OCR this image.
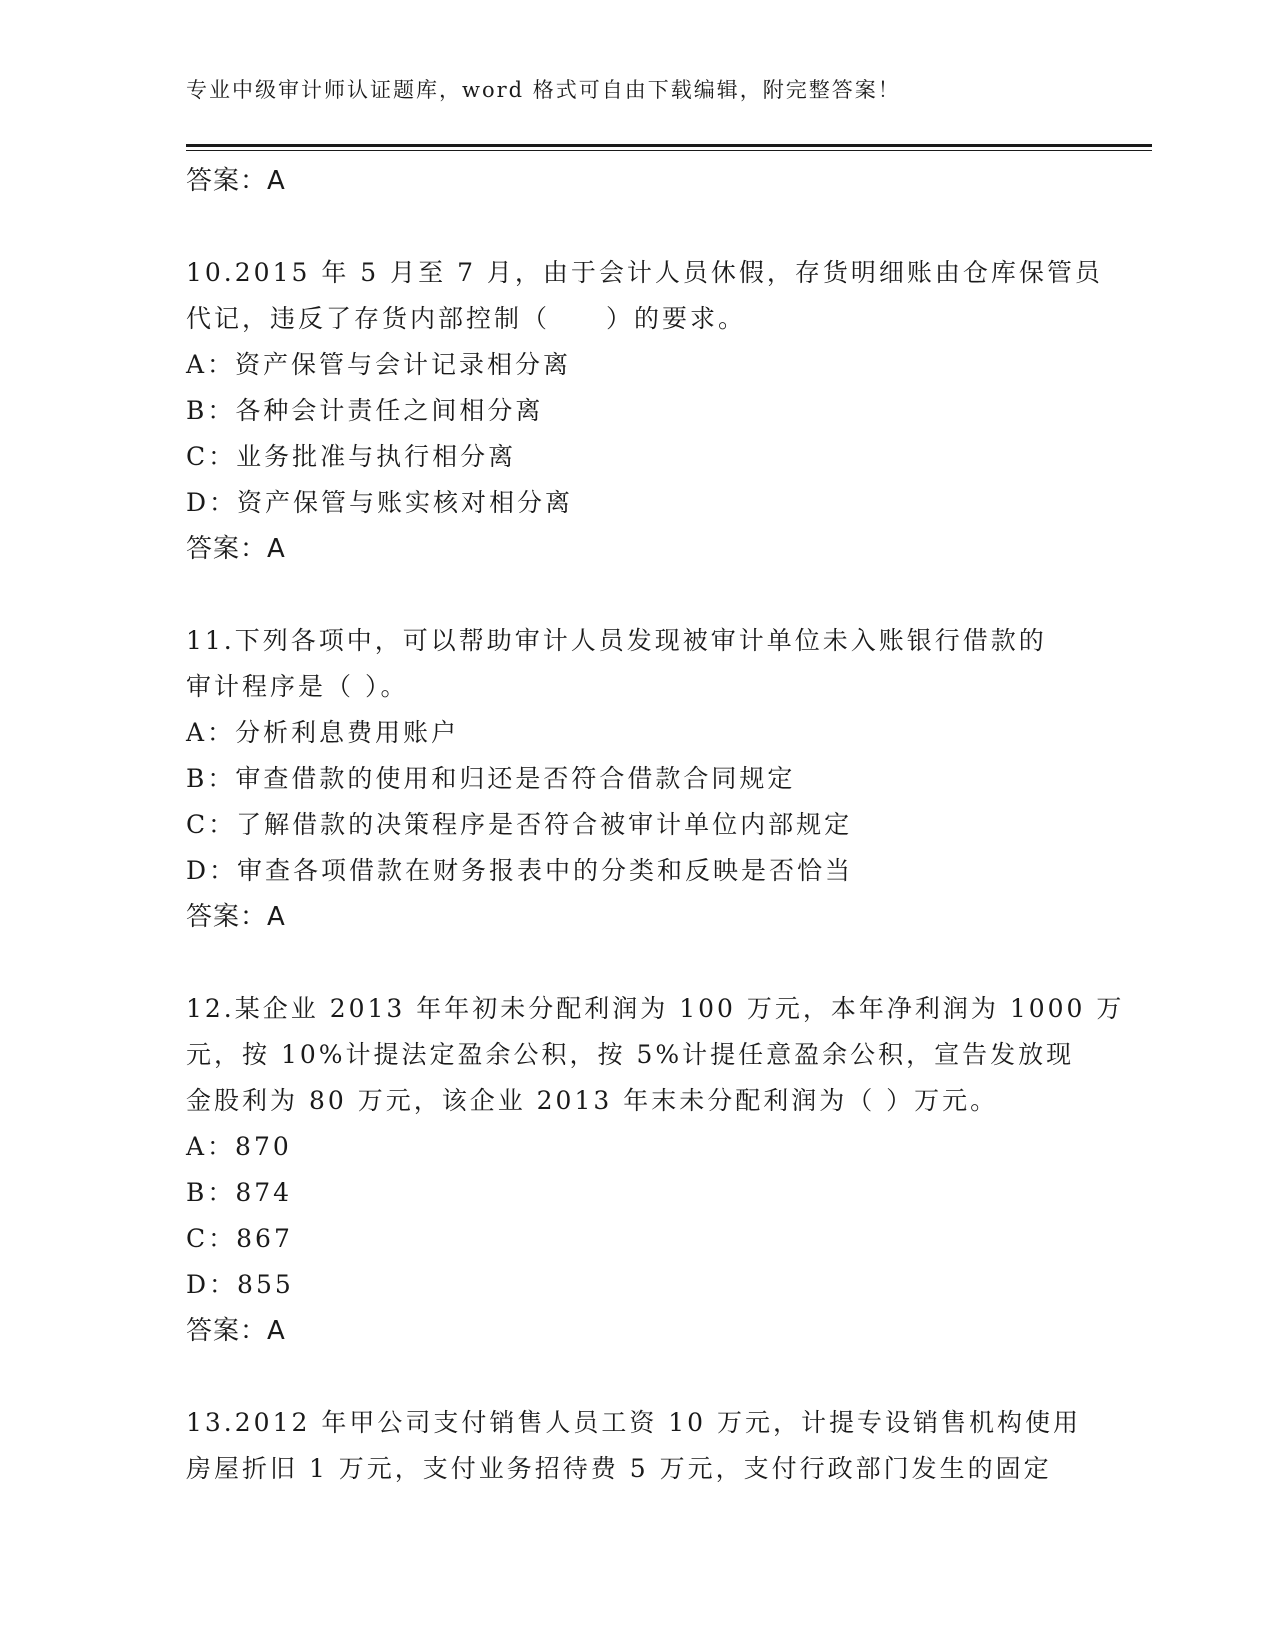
专业中级审计师认证题库，word 格式可自由下载编辑，附完整答案！
答案：A
10.2015 年 5 月至 7 月，由于会计人员休假，存货明细账由仓库保管员
代记，违反了存货内部控制（　　）的要求。
A：资产保管与会计记录相分离
B：各种会计责任之间相分离
C：业务批准与执行相分离
D：资产保管与账实核对相分离
答案：A
11.下列各项中，可以帮助审计人员发现被审计单位未入账银行借款的
审计程序是（ ）。
A：分析利息费用账户
B：审查借款的使用和归还是否符合借款合同规定
C：了解借款的决策程序是否符合被审计单位内部规定
D：审查各项借款在财务报表中的分类和反映是否恰当
答案：A
12.某企业 2013 年年初未分配利润为 100 万元，本年净利润为 1000 万
元，按 10%计提法定盈余公积，按 5%计提任意盈余公积，宣告发放现
金股利为 80 万元，该企业 2013 年末未分配利润为（ ）万元。
A：870
B：874
C：867
D：855
答案：A
13.2012 年甲公司支付销售人员工资 10 万元，计提专设销售机构使用
房屋折旧 1 万元，支付业务招待费 5 万元，支付行政部门发生的固定
